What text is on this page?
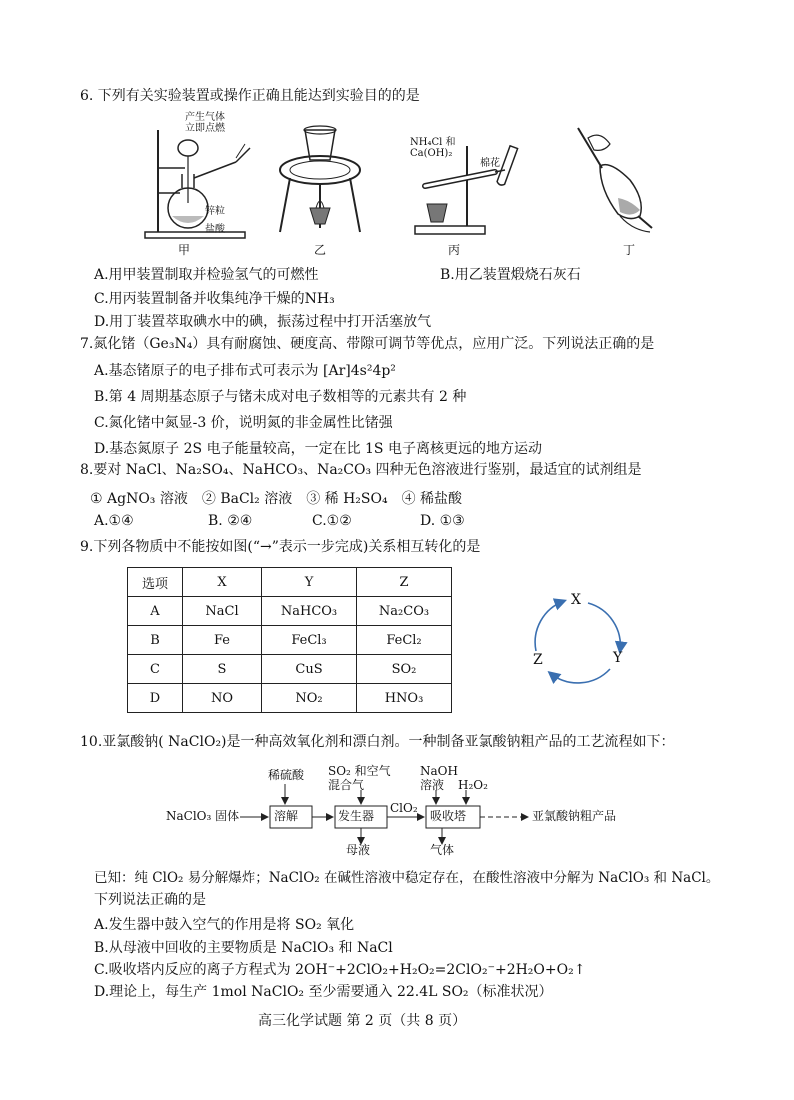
6. 下列有关实验装置或操作正确且能达到实验目的的是
产生气体
立即点燃
锌粒
盐酸
甲	乙
NH₄Cl 和
Ca(OH)₂
棉花
丙	丁
A.用甲装置制取并检验氢气的可燃性	B.用乙装置煅烧石灰石
C.用丙装置制备并收集纯净干燥的NH₃
D.用丁装置萃取碘水中的碘，振荡过程中打开活塞放气
7.氮化锗（Ge₃N₄）具有耐腐蚀、硬度高、带隙可调节等优点，应用广泛。下列说法正确的是
A.基态锗原子的电子排布式可表示为 [Ar]4s²4p²
B.第 4 周期基态原子与锗未成对电子数相等的元素共有 2 种
C.氮化锗中氮显-3 价，说明氮的非金属性比锗强
D.基态氮原子 2S 电子能量较高，一定在比 1S 电子离核更远的地方运动
8.要对 NaCl、Na₂SO₄、NaHCO₃、Na₂CO₃ 四种无色溶液进行鉴别，最适宜的试剂组是
① AgNO₃ 溶液　② BaCl₂ 溶液　③ 稀 H₂SO₄　④ 稀盐酸
A.①④	B. ②④	C.①②	D. ①③
9.下列各物质中不能按如图(“→”表示一步完成)关系相互转化的是
选项	X	Y	Z
A	NaCl	NaHCO₃	Na₂CO₃
B	Fe	FeCl₃	FeCl₂
C	S	CuS	SO₂
D	NO	NO₂	HNO₃
X
Y
Z
10.亚氯酸钠( NaClO₂)是一种高效氧化剂和漂白剂。一种制备亚氯酸钠粗产品的工艺流程如下：
NaClO₃ 固体
稀硫酸
溶解
SO₂ 和空气
混合气
发生器
ClO₂
NaOH
溶液	H₂O₂
吸收塔	亚氯酸钠粗产品
母液	气体
已知：纯 ClO₂ 易分解爆炸；NaClO₂ 在碱性溶液中稳定存在，在酸性溶液中分解为 NaClO₃ 和 NaCl。
下列说法正确的是
A.发生器中鼓入空气的作用是将 SO₂ 氧化
B.从母液中回收的主要物质是 NaClO₃ 和 NaCl
C.吸收塔内反应的离子方程式为 2OH⁻+2ClO₂+H₂O₂=2ClO₂⁻+2H₂O+O₂↑
D.理论上，每生产 1mol NaClO₂ 至少需要通入 22.4L SO₂（标准状况）
高三化学试题 第 2 页（共 8 页）
